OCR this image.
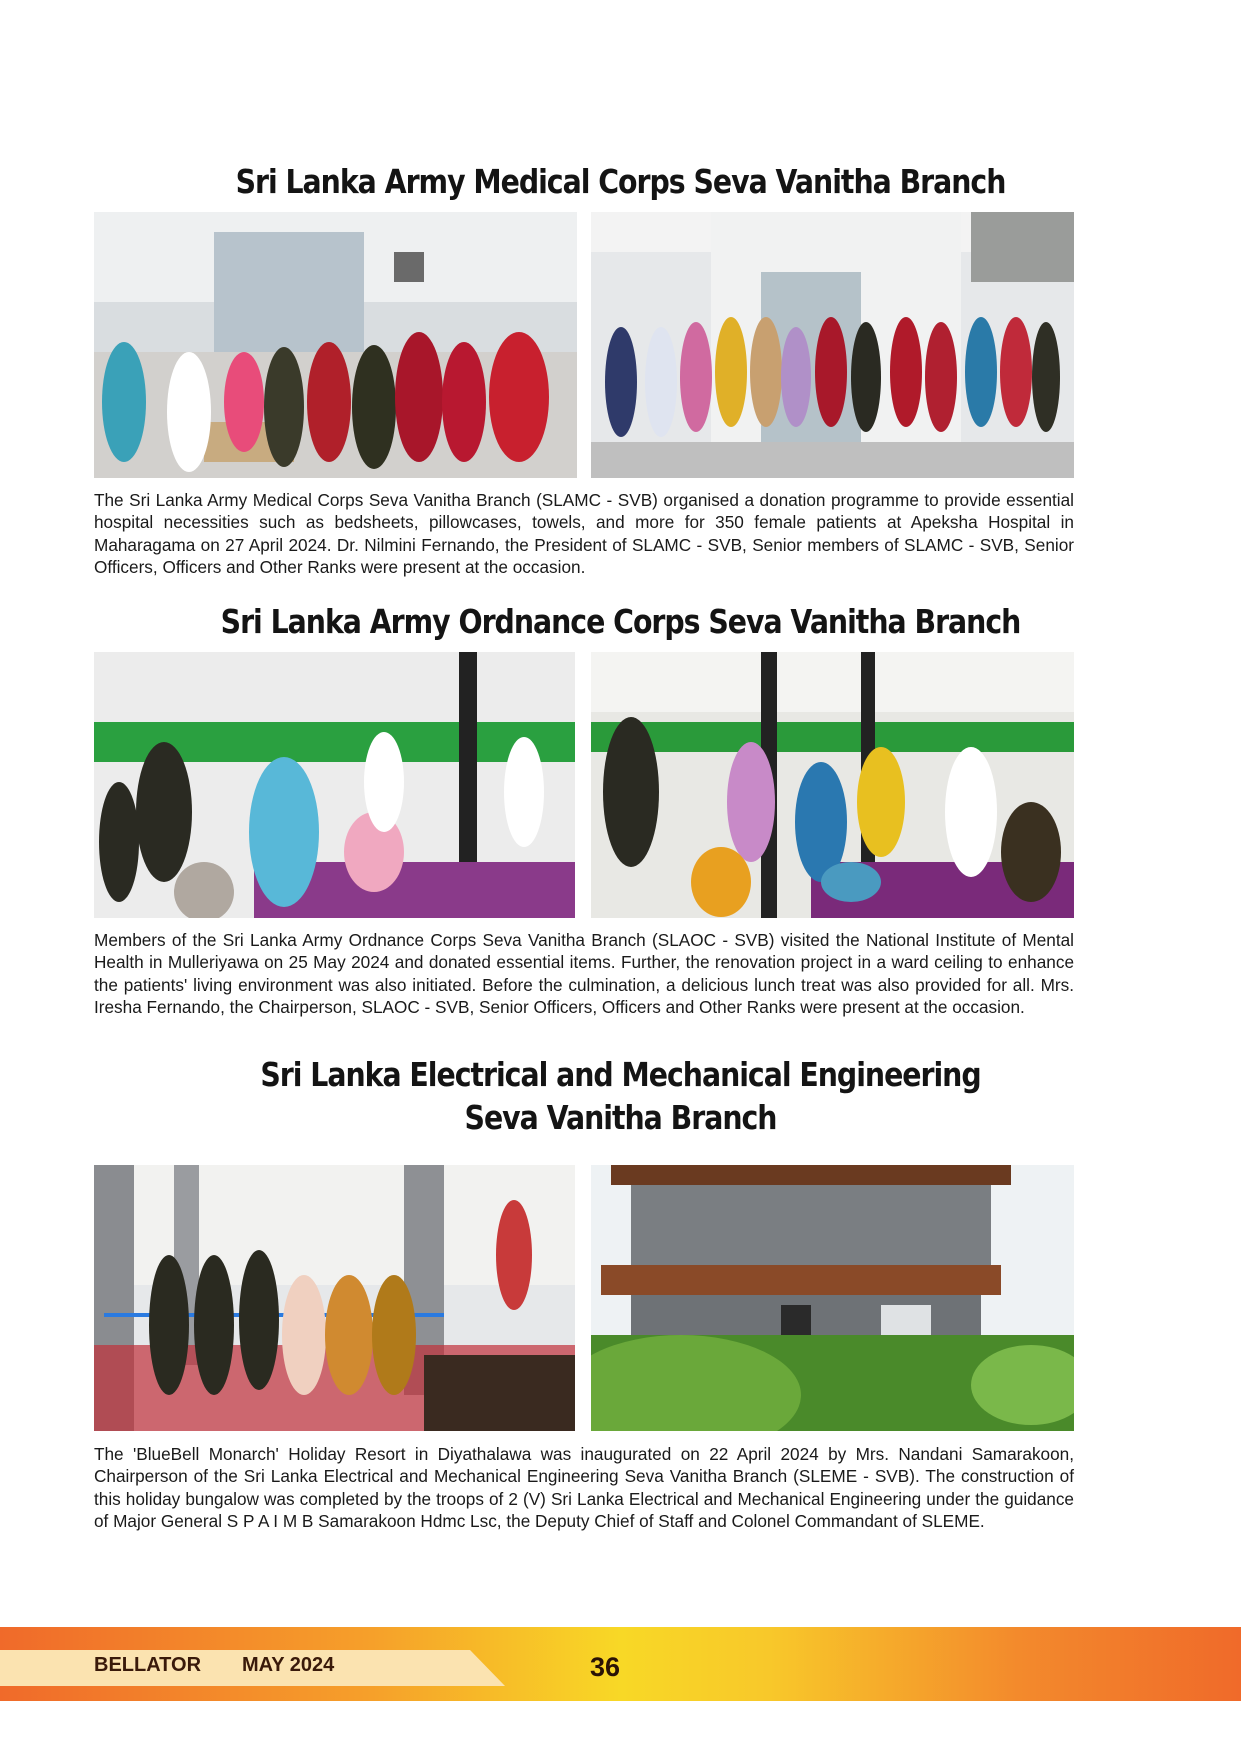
Sri Lanka Army Medical Corps Seva Vanitha Branch

The Sri Lanka Army Medical Corps Seva Vanitha Branch (SLAMC - SVB) organised a donation programme to provide essential hospital necessities such as bedsheets, pillowcases, towels, and more for 350 female patients at Apeksha Hospital in Maharagama on 27 April 2024. Dr. Nilmini Fernando, the President of SLAMC - SVB, Senior members of SLAMC - SVB, Senior Officers, Officers and Other Ranks were present at the occasion.

Sri Lanka Army Ordnance Corps Seva Vanitha Branch

Members of the Sri Lanka Army Ordnance Corps Seva Vanitha Branch (SLAOC - SVB) visited the National Institute of Mental Health in Mulleriyawa on 25 May 2024 and donated essential items. Further, the renovation project in a ward ceiling to enhance the patients' living environment was also initiated. Before the culmination, a delicious lunch treat was also provided for all. Mrs. Iresha Fernando, the Chairperson, SLAOC - SVB, Senior Officers, Officers and Other Ranks were present at the occasion.

Sri Lanka Electrical and Mechanical Engineering
Seva Vanitha Branch

The 'BlueBell Monarch' Holiday Resort in Diyathalawa was inaugurated on 22 April 2024 by Mrs. Nandani Samarakoon, Chairperson of the Sri Lanka Electrical and Mechanical Engineering Seva Vanitha Branch (SLEME - SVB). The construction of this holiday bungalow was completed by the troops of 2 (V) Sri Lanka Electrical and Mechanical Engineering under the guidance of Major General S P A I M B Samarakoon Hdmc Lsc, the Deputy Chief of Staff and Colonel Commandant of SLEME.

BELLATOR MAY 2024	36
